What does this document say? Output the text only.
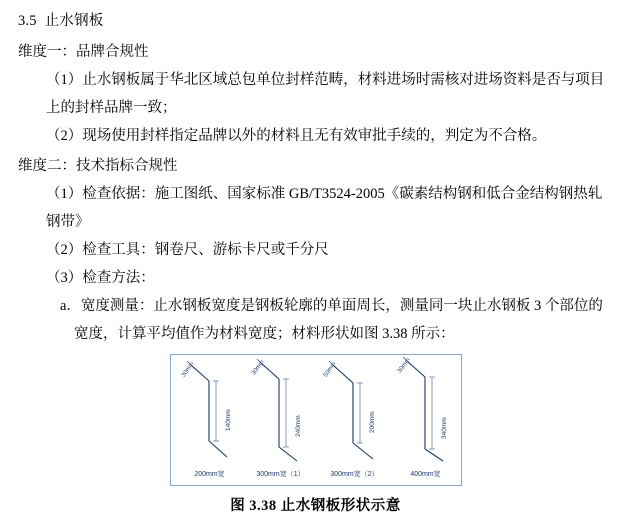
3.5 止水钢板
维度一：品牌合规性

（1）止水钢板属于华北区域总包单位封样范畴，材料进场时需核对进场资料是否与项目上的封样品牌一致；

（2）现场使用封样指定品牌以外的材料且无有效审批手续的，判定为不合格。

维度二：技术指标合规性

（1）检查依据：施工图纸、国家标准 GB/T3524-2005《碳素结构钢和低合金结构钢热轧钢带》

（2）检查工具：钢卷尺、游标卡尺或千分尺

（3）检查方法：

a．宽度测量：止水钢板宽度是钢板轮廓的单面周长，测量同一块止水钢板 3 个部位的宽度，计算平均值作为材料宽度；材料形状如图 3.38 所示：

30mm
140mm
200mm宽
30mm
240mm
300mm宽（1）
50mm
200mm
300mm宽（2）
30mm
340mm
400mm宽
图 3.38 止水钢板形状示意
